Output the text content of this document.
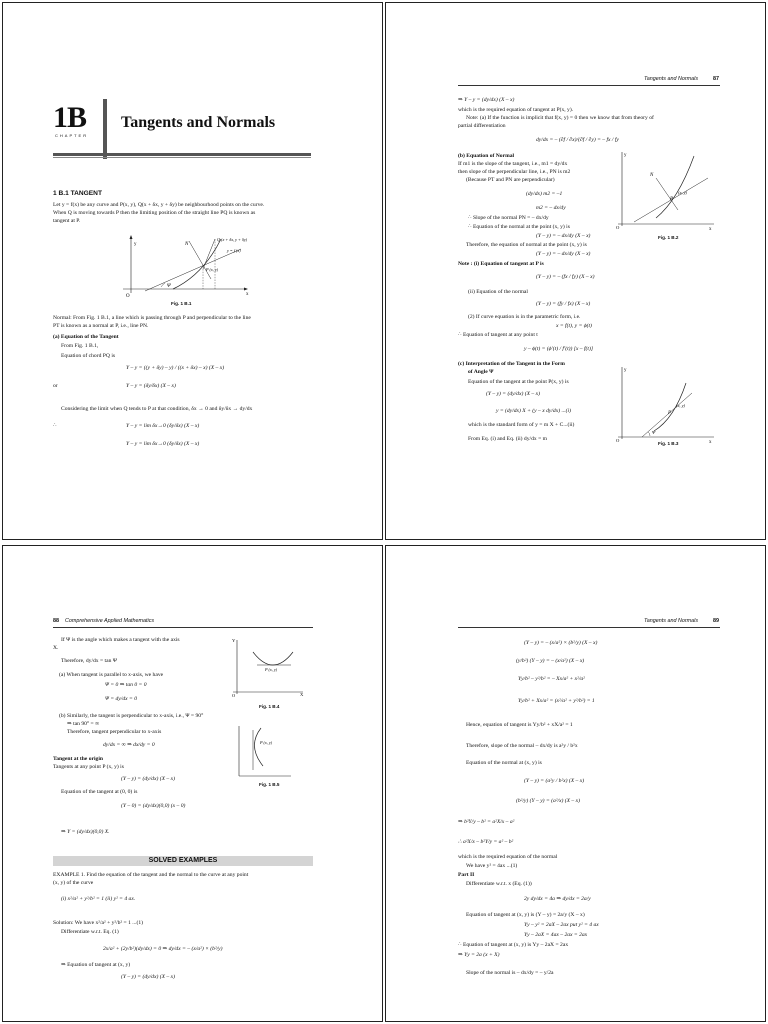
1B
CHAPTER
Tangents and Normals
1 B.1 TANGENT
Let y = f(x) be any curve and P(x, y), Q(x + δx, y + δy) be neighbourhood points on the curve.
When Q is moving towards P then the limiting position of the straight line PQ is known as
tangent at P.
y
x
O
N
Q (x + δx, y + δy)
y = f (x)
P (x, y)
Ψ
Fig. 1 B.1
Normal: From Fig. 1 B.1, a line which is passing through P and perpendicular to the line
PT is known as a normal at P, i.e., line PN.
(a) Equation of the Tangent
From Fig. 1 B.1,
Equation of chord PQ is
Y – y = ((y + δy) – y) / ((x + δx) – x) (X – x)
or	Y – y = (δy/δx) (X – x)
Considering the limit when Q tends to P at that condition, δx → 0 and δy/δx → dy/dx
∴	Y – y = lim δx→0 (δy/δx) (X – x)
Y – y = lim δx→0 (δy/δx) (X – x)
Tangents and Normals	87
⇒ Y – y = (dy/dx) (X – x)
which is the required equation of tangent at P(x, y).
Note: (a) If the function is implicit that f(x, y) = 0 then we know that from theory of
partial differentiation
dy/dx = – (∂f / ∂x)/(∂f / ∂y) = – fx / fy
(b) Equation of Normal
If m1 is the slope of the tangent, i.e., m1 = dy/dx
then slope of the perpendicular line, i.e., PN is m2
(Because PT and PN are perpendicular)
(dy/dx) m2 = –1
m2 = – dx/dy
∴ Slope of the normal PN = – dx/dy
∴ Equation of the normal at the point (x, y) is
(Y – y) = – dx/dy (X – x)
Therefore, the equation of normal at the point (x, y) is
(Y – y) = – dx/dy (X – x)
Note : (i) Equation of tangent at P is
(Y – y) = – (fx / fy) (X – x)
(ii) Equation of the normal
(Y – y) = (fy / fx) (X – x)
(2) If curve equation is in the parametric form, i.e.
x = f(t), y = ϕ(t)
∴ Equation of tangent at any point t
y – ϕ(t) = (ϕ′(t) / f′(t)) [x – f(t)]
(c) Interpretation of the Tangent in the Form
of Angle Ψ
Equation of the tangent at the point P(x, y) is
(Y – y) = (dy/dx) (X – x)
y = (dy/dx) X + (y – x dy/dx) ...(i)
which is the standard form of y = m X + C...(ii)
From Eq. (i) and Eq. (ii) dy/dx = m
y
x
O
N
P
(x, y)
Fig. 1 B.2
y
x
O
P
(x, y)
Ψ
Fig. 1 B.3
88 Comprehensive Applied Mathematics
If Ψ is the angle which makes a tangent with the axis
X.
Therefore, dy/dx = tan Ψ
(a) When tangent is parallel to x-axis, we have
Ψ = 0 ⇒ tan 0 = 0
Ψ = dy/dx = 0
(b) Similarly, the tangent is perpendicular to x-axis, i.e., Ψ = 90°
⇒ tan 90° = ∞
Therefore, tangent perpendicular to x-axis
dy/dx = ∞ ⇒ dx/dy = 0
Tangent at the origin
Tangents at any point P (x, y) is
(Y – y) = (dy/dx) (X – x)
Equation of the tangent at (0, 0) is
(Y – 0) = (dy/dx)(0,0) (x – 0)
⇒ Y = (dy/dx)(0,0) X.
SOLVED EXAMPLES
EXAMPLE 1. Find the equation of the tangent and the normal to the curve at any point
(x, y) of the curve
(i) x²/a² + y²/b² = 1 (ii) y² = 4 ax.
Solution: We have x²/a² + y²/b² = 1 ...(1)
Differentiate w.r.t. Eq. (1)
2x/a² + (2y/b²)(dy/dx) = 0 ⇒ dy/dx = – (x/a²) × (b²/y)
⇒ Equation of tangent at (x, y)
(Y – y) = (dy/dx) (X – x)
Y
X
O
P (x, y)
Fig. 1 B.4
P (x, y)
Fig. 1 B.5
Tangents and Normals	89
(Y – y) = – (x/a²) × (b²/y) (X – x)
(y/b²) (Y – y) = – (x/a²) (X – x)
Yy/b² – y²/b² = – Xx/a² + x²/a²
Yy/b² + Xx/a² = (x²/a² + y²/b²) = 1
Hence, equation of tangent is Yy/b² + xX/a² = 1
Therefore, slope of the normal – dx/dy is a²y / b²x
Equation of the normal at (x, y) is
(Y – y) = (a²y / b²x) (X – x)
(b²/y) (Y – y) = (a²/x) (X – x)
⇒ b²Y/y – b² = a²X/x – a²
∴ a²X/x – b²Y/y = a² – b²
which is the required equation of the normal
We have y² = 4ax ...(1)
Part II
Differentiate w.r.t. x (Eq. (1))
2y dy/dx = 4a ⇒ dy/dx = 2a/y
Equation of tangent at (x, y) is (Y – y) = 2a/y (X – x)
Yy – y² = 2aX – 2ax put y² = 4 ax
Yy – 2aX = 4ax – 2ax = 2ax
∴ Equation of tangent at (x, y) is Yy – 2aX = 2ax
⇒ Yy = 2a (x + X)
Slope of the normal is – dx/dy = – y/2a
